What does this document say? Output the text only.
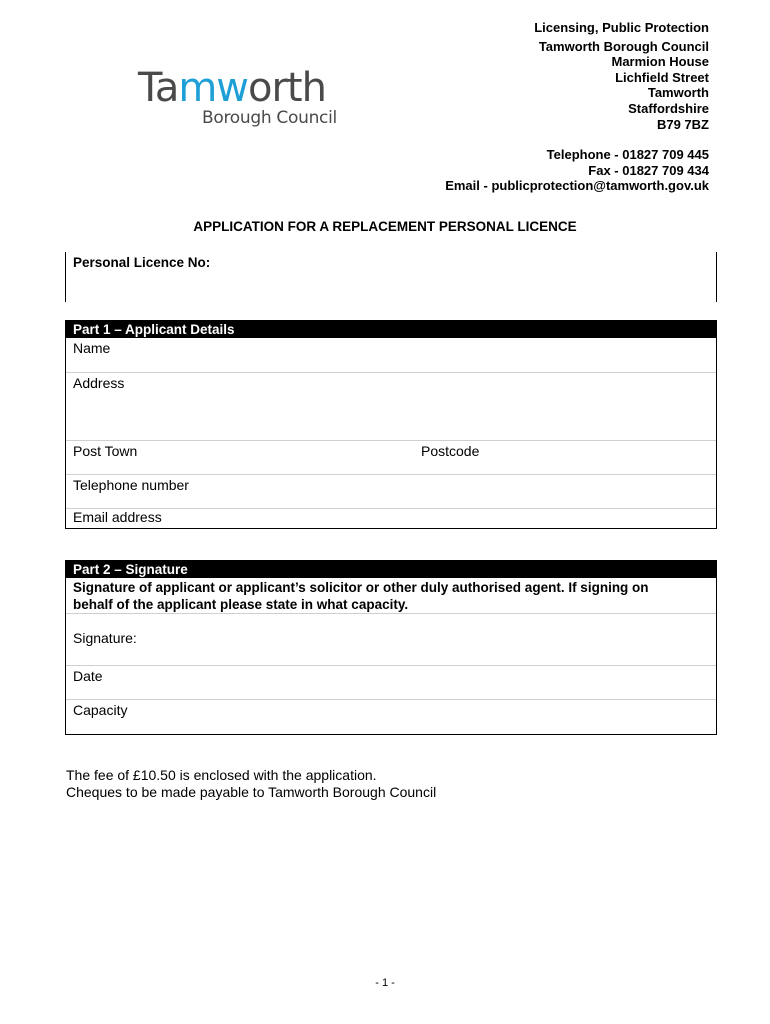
Licensing, Public Protection
Tamworth Borough Council
Marmion House
Lichfield Street
Tamworth
Staffordshire
B79 7BZ
Telephone - 01827 709 445
Fax - 01827 709 434
Email - publicprotection@tamworth.gov.uk
Tamworth
Borough Council
APPLICATION FOR A REPLACEMENT PERSONAL LICENCE
Personal Licence No:
Part 1 – Applicant Details
Name
Address
Post Town	Postcode
Telephone number
Email address
Part 2 – Signature
Signature of applicant or applicant’s solicitor or other duly authorised agent. If signing on behalf of the applicant please state in what capacity.
Signature:
Date
Capacity
The fee of £10.50 is enclosed with the application.
Cheques to be made payable to Tamworth Borough Council
- 1 -
